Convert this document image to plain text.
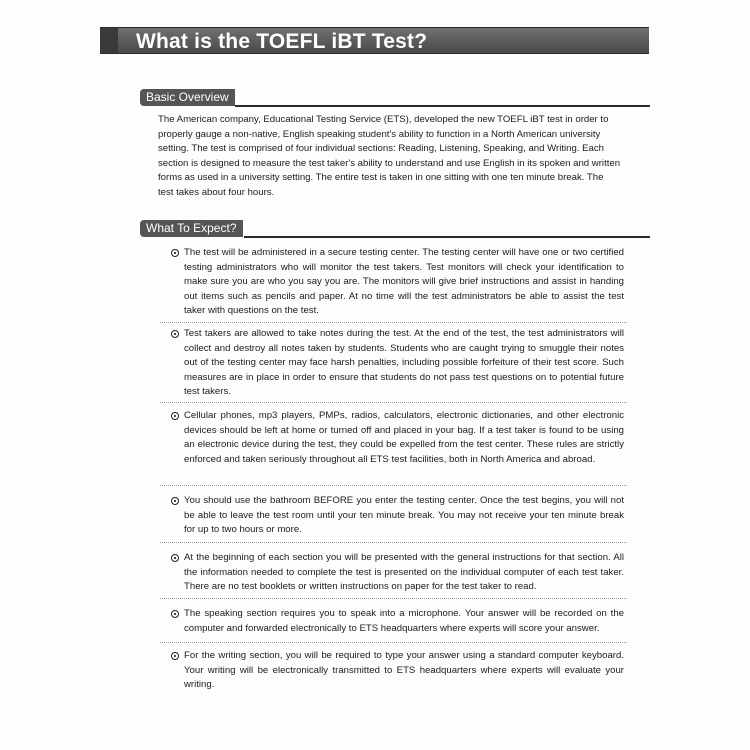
What is the TOEFL iBT Test?
Basic Overview
The American company, Educational Testing Service (ETS), developed the new TOEFL iBT test in order to properly gauge a non-native, English speaking student's ability to function in a North American university setting. The test is comprised of four individual sections: Reading, Listening, Speaking, and Writing. Each section is designed to measure the test taker's ability to understand and use English in its spoken and written forms as used in a university setting. The entire test is taken in one sitting with one ten minute break. The test takes about four hours.
What To Expect?
The test will be administered in a secure testing center. The testing center will have one or two certified testing administrators who will monitor the test takers. Test monitors will check your identification to make sure you are who you say you are. The monitors will give brief instructions and assist in handing out items such as pencils and paper. At no time will the test administrators be able to assist the test taker with questions on the test.
Test takers are allowed to take notes during the test. At the end of the test, the test administrators will collect and destroy all notes taken by students. Students who are caught trying to smuggle their notes out of the testing center may face harsh penalties, including possible forfeiture of their test score. Such measures are in place in order to ensure that students do not pass test questions on to potential future test takers.
Cellular phones, mp3 players, PMPs, radios, calculators, electronic dictionaries, and other electronic devices should be left at home or turned off and placed in your bag. If a test taker is found to be using an electronic device during the test, they could be expelled from the test center. These rules are strictly enforced and taken seriously throughout all ETS test facilities, both in North America and abroad.
You should use the bathroom BEFORE you enter the testing center. Once the test begins, you will not be able to leave the test room until your ten minute break. You may not receive your ten minute break for up to two hours or more.
At the beginning of each section you will be presented with the general instructions for that section. All the information needed to complete the test is presented on the individual computer of each test taker. There are no test booklets or written instructions on paper for the test taker to read.
The speaking section requires you to speak into a microphone. Your answer will be recorded on the computer and forwarded electronically to ETS headquarters where experts will score your answer.
For the writing section, you will be required to type your answer using a standard computer keyboard. Your writing will be electronically transmitted to ETS headquarters where experts will evaluate your writing.
